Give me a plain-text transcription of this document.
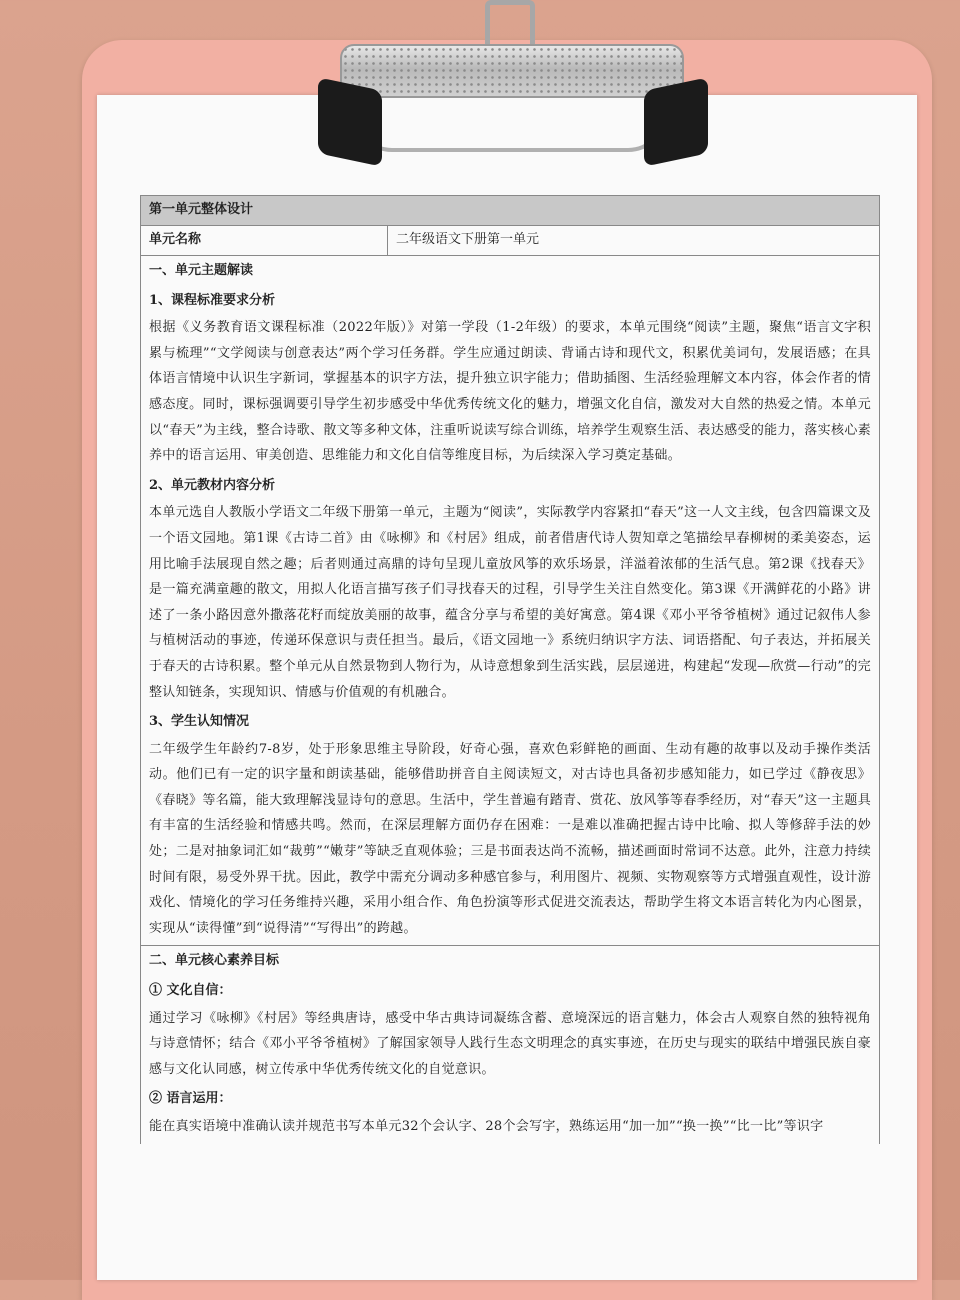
第一单元整体设计
单元名称	二年级语文下册第一单元

一、单元主题解读

1、课程标准要求分析

根据《义务教育语文课程标准（2022年版）》对第一学段（1-2年级）的要求，本单元围绕“阅读”主题，聚焦“语言文字积累与梳理”“文学阅读与创意表达”两个学习任务群。学生应通过朗读、背诵古诗和现代文，积累优美词句，发展语感；在具体语言情境中认识生字新词，掌握基本的识字方法，提升独立识字能力；借助插图、生活经验理解文本内容，体会作者的情感态度。同时，课标强调要引导学生初步感受中华优秀传统文化的魅力，增强文化自信，激发对大自然的热爱之情。本单元以“春天”为主线，整合诗歌、散文等多种文体，注重听说读写综合训练，培养学生观察生活、表达感受的能力，落实核心素养中的语言运用、审美创造、思维能力和文化自信等维度目标，为后续深入学习奠定基础。

2、单元教材内容分析

本单元选自人教版小学语文二年级下册第一单元，主题为“阅读”，实际教学内容紧扣“春天”这一人文主线，包含四篇课文及一个语文园地。第1课《古诗二首》由《咏柳》和《村居》组成，前者借唐代诗人贺知章之笔描绘早春柳树的柔美姿态，运用比喻手法展现自然之趣；后者则通过高鼎的诗句呈现儿童放风筝的欢乐场景，洋溢着浓郁的生活气息。第2课《找春天》是一篇充满童趣的散文，用拟人化语言描写孩子们寻找春天的过程，引导学生关注自然变化。第3课《开满鲜花的小路》讲述了一条小路因意外撒落花籽而绽放美丽的故事，蕴含分享与希望的美好寓意。第4课《邓小平爷爷植树》通过记叙伟人参与植树活动的事迹，传递环保意识与责任担当。最后，《语文园地一》系统归纳识字方法、词语搭配、句子表达，并拓展关于春天的古诗积累。整个单元从自然景物到人物行为，从诗意想象到生活实践，层层递进，构建起“发现—欣赏—行动”的完整认知链条，实现知识、情感与价值观的有机融合。

3、学生认知情况

二年级学生年龄约7-8岁，处于形象思维主导阶段，好奇心强，喜欢色彩鲜艳的画面、生动有趣的故事以及动手操作类活动。他们已有一定的识字量和朗读基础，能够借助拼音自主阅读短文，对古诗也具备初步感知能力，如已学过《静夜思》《春晓》等名篇，能大致理解浅显诗句的意思。生活中，学生普遍有踏青、赏花、放风筝等春季经历，对“春天”这一主题具有丰富的生活经验和情感共鸣。然而，在深层理解方面仍存在困难：一是难以准确把握古诗中比喻、拟人等修辞手法的妙处；二是对抽象词汇如“裁剪”“嫩芽”等缺乏直观体验；三是书面表达尚不流畅，描述画面时常词不达意。此外，注意力持续时间有限，易受外界干扰。因此，教学中需充分调动多种感官参与，利用图片、视频、实物观察等方式增强直观性，设计游戏化、情境化的学习任务维持兴趣，采用小组合作、角色扮演等形式促进交流表达，帮助学生将文本语言转化为内心图景，实现从“读得懂”到“说得清”“写得出”的跨越。

二、单元核心素养目标

① 文化自信：

通过学习《咏柳》《村居》等经典唐诗，感受中华古典诗词凝练含蓄、意境深远的语言魅力，体会古人观察自然的独特视角与诗意情怀；结合《邓小平爷爷植树》了解国家领导人践行生态文明理念的真实事迹，在历史与现实的联结中增强民族自豪感与文化认同感，树立传承中华优秀传统文化的自觉意识。

② 语言运用：

能在真实语境中准确认读并规范书写本单元32个会认字、28个会写字，熟练运用“加一加”“换一换”“比一比”等识字
